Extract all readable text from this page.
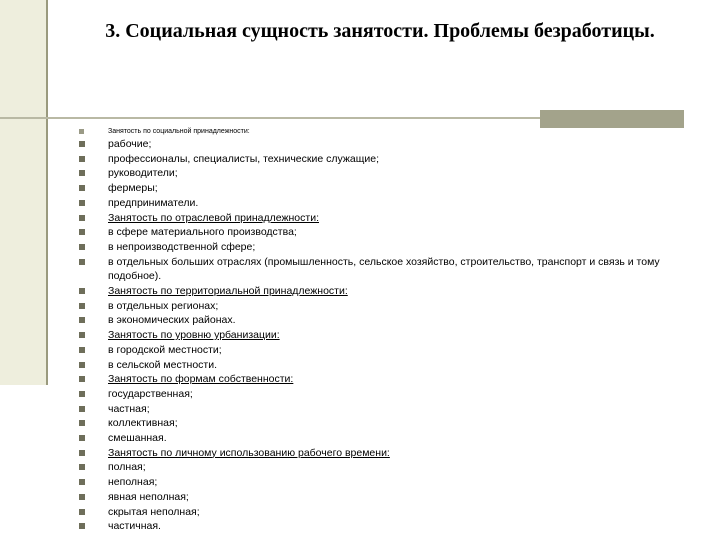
3. Социальная сущность занятости. Проблемы безработицы.
Занятость по социальной принадлежности:
рабочие;
профессионалы, специалисты, технические служащие;
руководители;
фермеры;
предприниматели.
Занятость по отраслевой принадлежности:
в сфере материального производства;
в непроизводственной сфере;
в отдельных больших отраслях (промышленность, сельское хозяйство, строительство, транспорт и связь и тому подобное).
Занятость по территориальной принадлежности:
в отдельных регионах;
в экономических районах.
Занятость по уровню урбанизации:
в городской местности;
в сельской местности.
Занятость по формам собственности:
государственная;
частная;
коллективная;
смешанная.
Занятость по личному использованию рабочего времени:
полная;
неполная;
явная неполная;
скрытая неполная;
частичная.
